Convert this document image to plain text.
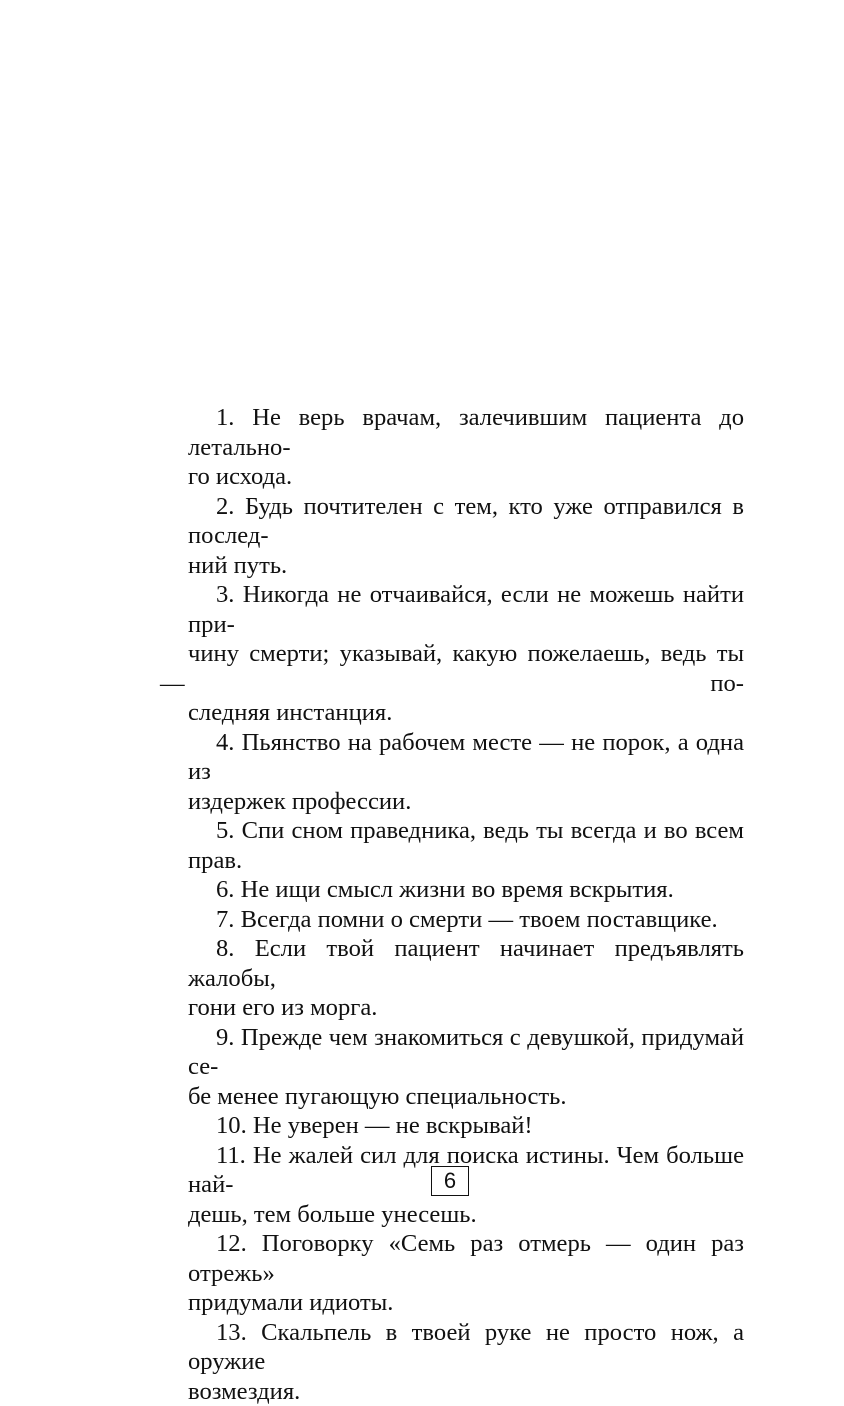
1. Не верь врачам, залечившим пациента до летально-
го исхода.
2. Будь почтителен с тем, кто уже отправился в послед-
ний путь.
3. Никогда не отчаивайся, если не можешь найти при-
чину смерти; указывай, какую пожелаешь, ведь ты — по-
следняя инстанция.
4. Пьянство на рабочем месте — не порок, а одна из
издержек профессии.
5. Спи сном праведника, ведь ты всегда и во всем прав.
6. Не ищи смысл жизни во время вскрытия.
7. Всегда помни о смерти — твоем поставщике.
8. Если твой пациент начинает предъявлять жалобы,
гони его из морга.
9. Прежде чем знакомиться с девушкой, придумай се-
бе менее пугающую специальность.
10. Не уверен — не вскрывай!
11. Не жалей сил для поиска истины. Чем больше най-
дешь, тем больше унесешь.
12. Поговорку «Семь раз отмерь — один раз отрежь»
придумали идиоты.
13. Скальпель в твоей руке не просто нож, а оружие
возмездия.
6
